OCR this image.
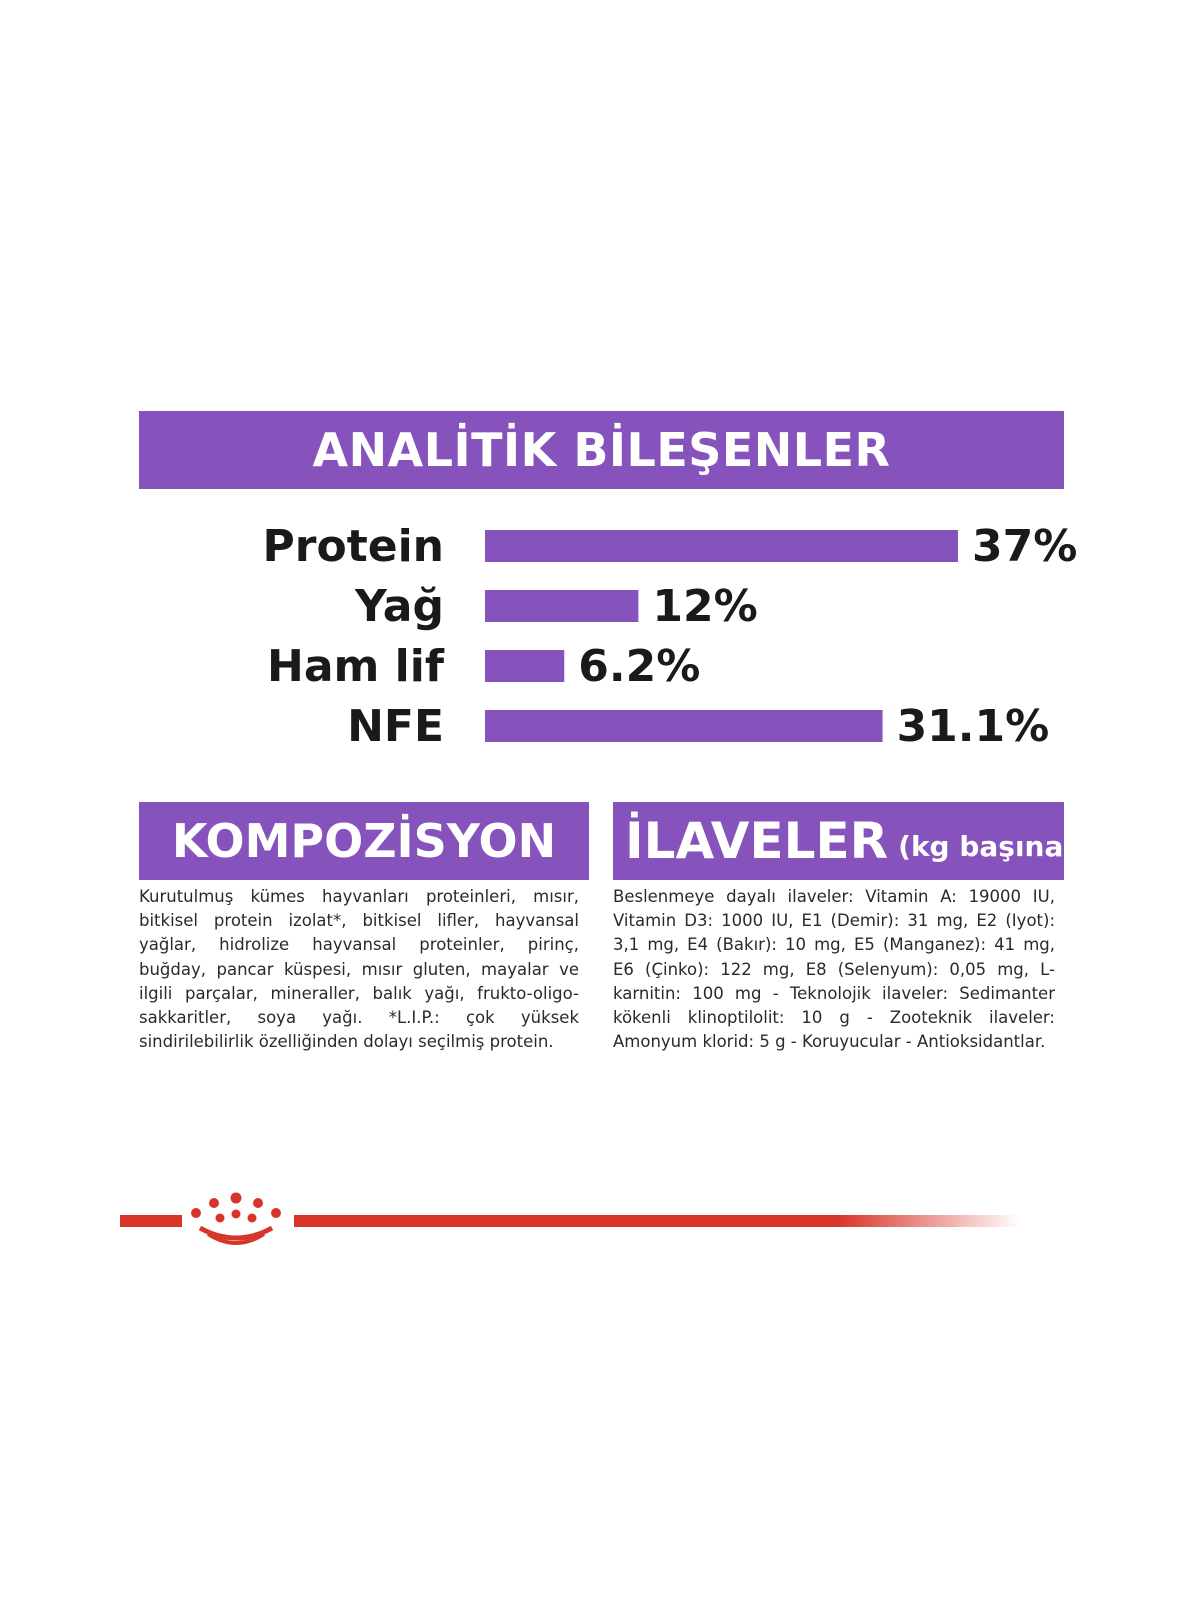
ANALİTİK BİLEŞENLER
Protein	37%
Yağ	12%
Ham lif	6.2%
NFE	31.1%
KOMPOZİSYON

Kurutulmuş kümes hayvanları proteinleri, mısır, bitkisel protein izolat*, bitkisel lifler, hayvansal yağlar, hidrolize hayvansal proteinler, pirinç, buğday, pancar küspesi, mısır gluten, mayalar ve ilgili parçalar, mineraller, balık yağı, frukto-oligo-sakkaritler, soya yağı. *L.I.P.: çok yüksek sindirilebilirlik özelliğinden dolayı seçilmiş protein.

İLAVELER (kg başına)

Beslenmeye dayalı ilaveler: Vitamin A: 19000 IU, Vitamin D3: 1000 IU, E1 (Demir): 31 mg, E2 (Iyot): 3,1 mg, E4 (Bakır): 10 mg, E5 (Manganez): 41 mg, E6 (Çinko): 122 mg, E8 (Selenyum): 0,05 mg, L-karnitin: 100 mg - Teknolojik ilaveler: Sedimanter kökenli klinoptilolit: 10 g - Zooteknik ilaveler: Amonyum klorid: 5 g - Koruyucular - Antioksidantlar.
